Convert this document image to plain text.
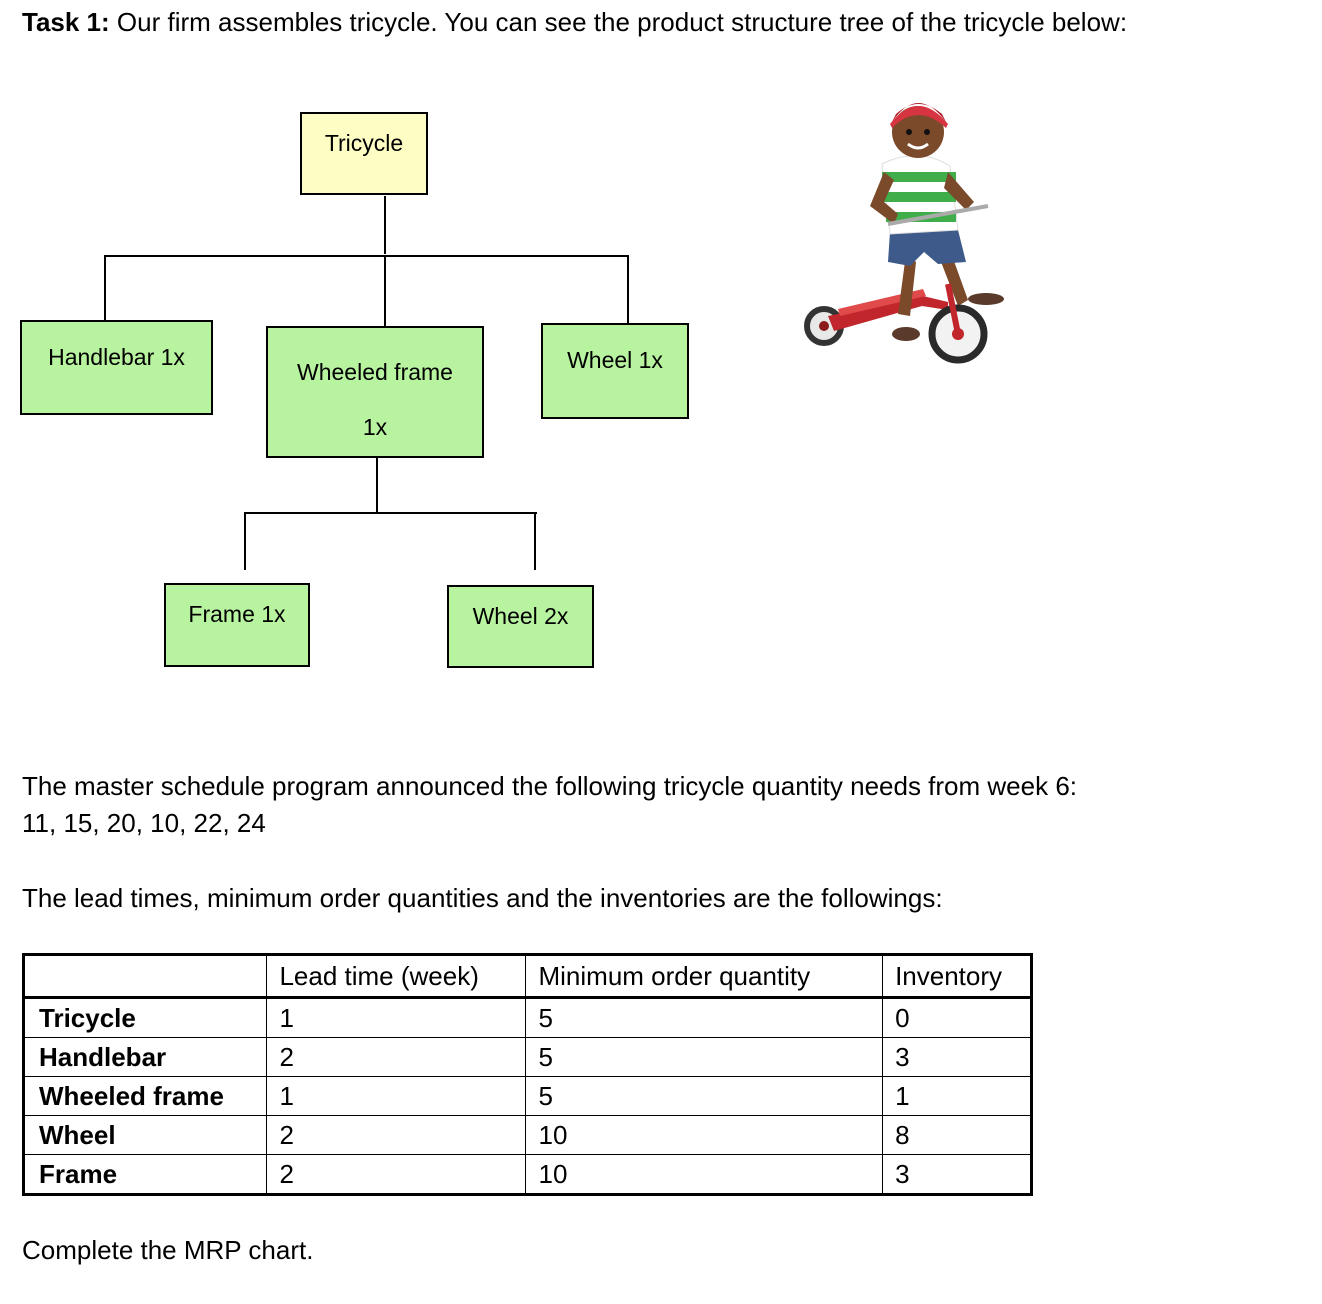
Task 1: Our firm assembles tricycle. You can see the product structure tree of the tricycle below:
Tricycle
Handlebar 1x
Wheeled frame
1x
Wheel 1x
Frame 1x	Wheel 2x
The master schedule program announced the following tricycle quantity needs from week 6:
11, 15, 20, 10, 22, 24
The lead times, minimum order quantities and the inventories are the followings:
	Lead time (week)	Minimum order quantity	Inventory
Tricycle	1	5	0
Handlebar	2	5	3
Wheeled frame	1	5	1
Wheel	2	10	8
Frame	2	10	3
Complete the MRP chart.
